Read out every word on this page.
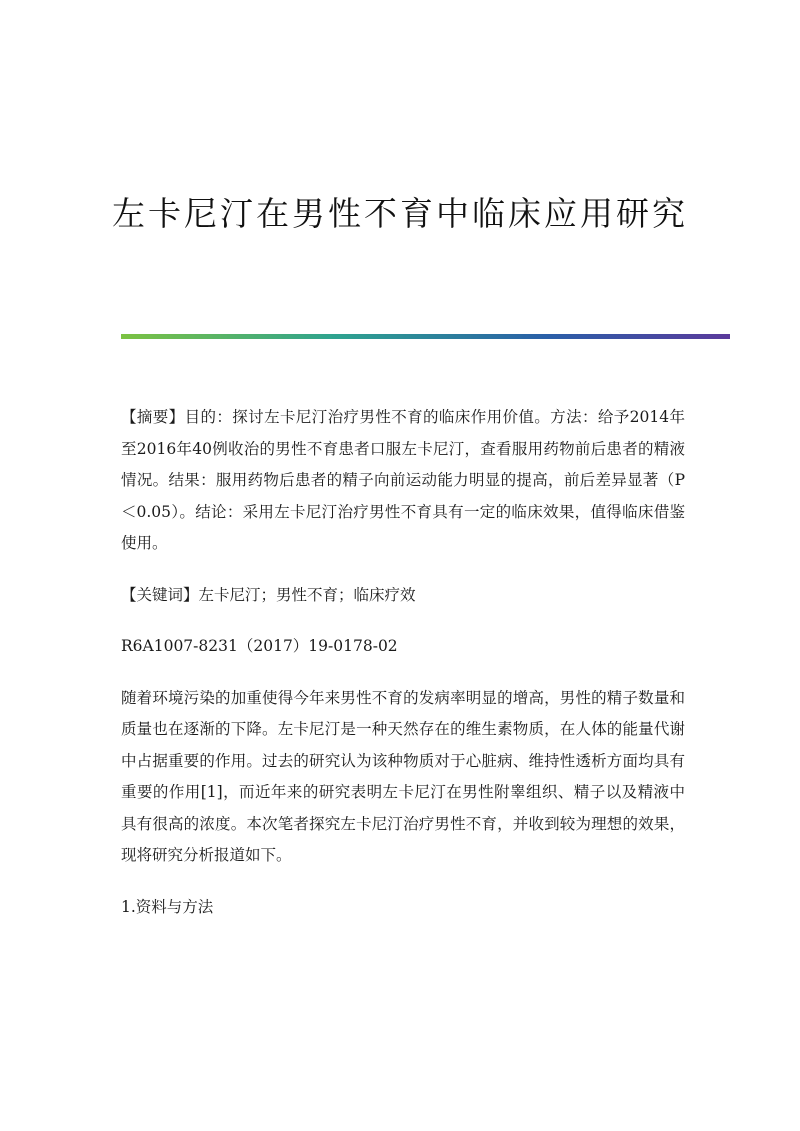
左卡尼汀在男性不育中临床应用研究

【摘要】目的：探讨左卡尼汀治疗男性不育的临床作用价值。方法：给予2014年至2016年40例收治的男性不育患者口服左卡尼汀，查看服用药物前后患者的精液情况。结果：服用药物后患者的精子向前运动能力明显的提高，前后差异显著（P＜0.05）。结论：采用左卡尼汀治疗男性不育具有一定的临床效果，值得临床借鉴使用。

【关键词】左卡尼汀；男性不育；临床疗效

R6A1007-8231（2017）19-0178-02

随着环境污染的加重使得今年来男性不育的发病率明显的增高，男性的精子数量和质量也在逐渐的下降。左卡尼汀是一种天然存在的维生素物质，在人体的能量代谢中占据重要的作用。过去的研究认为该种物质对于心脏病、维持性透析方面均具有重要的作用[1]，而近年来的研究表明左卡尼汀在男性附睾组织、精子以及精液中具有很高的浓度。本次笔者探究左卡尼汀治疗男性不育，并收到较为理想的效果，现将研究分析报道如下。

1.资料与方法
